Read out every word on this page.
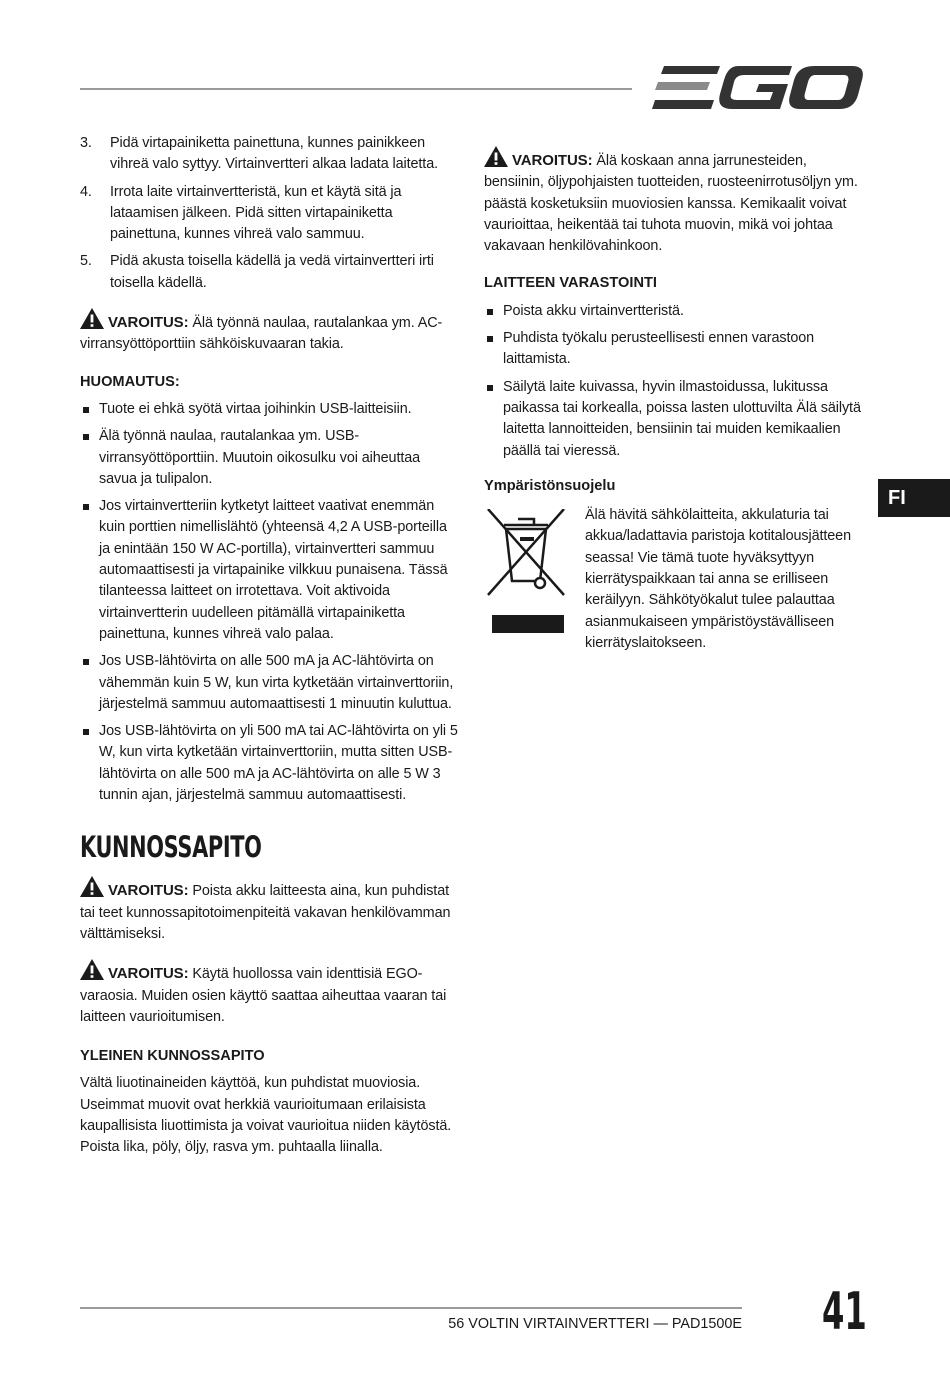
3. Pidä virtapainiketta painettuna, kunnes painikkeen vihreä valo syttyy. Virtainvertteri alkaa ladata laitetta.
4. Irrota laite virtainvertteristä, kun et käytä sitä ja lataamisen jälkeen. Pidä sitten virtapainiketta painettuna, kunnes vihreä valo sammuu.
5. Pidä akusta toisella kädellä ja vedä virtainvertteri irti toisella kädellä.

VAROITUS: Älä työnnä naulaa, rautalankaa ym. AC-virransyöttöporttiin sähköiskuvaaran takia.

HUOMAUTUS:
Tuote ei ehkä syötä virtaa joihinkin USB-laitteisiin.
Älä työnnä naulaa, rautalankaa ym. USB-virransyöttöporttiin. Muutoin oikosulku voi aiheuttaa savua ja tulipalon.
Jos virtainvertteriin kytketyt laitteet vaativat enemmän kuin porttien nimellislähtö (yhteensä 4,2 A USB-porteilla ja enintään 150 W AC-portilla), virtainvertteri sammuu automaattisesti ja virtapainike vilkkuu punaisena. Tässä tilanteessa laitteet on irrotettava. Voit aktivoida virtainvertterin uudelleen pitämällä virtapainiketta painettuna, kunnes vihreä valo palaa.
Jos USB-lähtövirta on alle 500 mA ja AC-lähtövirta on vähemmän kuin 5 W, kun virta kytketään virtainverttoriin, järjestelmä sammuu automaattisesti 1 minuutin kuluttua.
Jos USB-lähtövirta on yli 500 mA tai AC-lähtövirta on yli 5 W, kun virta kytketään virtainverttoriin, mutta sitten USB-lähtövirta on alle 500 mA ja AC-lähtövirta on alle 5 W 3 tunnin ajan, järjestelmä sammuu automaattisesti.
KUNNOSSAPITO

VAROITUS: Poista akku laitteesta aina, kun puhdistat tai teet kunnossapitotoimenpiteitä vakavan henkilövamman välttämiseksi.

VAROITUS: Käytä huollossa vain identtisiä EGO-varaosia. Muiden osien käyttö saattaa aiheuttaa vaaran tai laitteen vaurioitumisen.

YLEINEN KUNNOSSAPITO

Vältä liuotinaineiden käyttöä, kun puhdistat muoviosia. Useimmat muovit ovat herkkiä vaurioitumaan erilaisista kaupallisista liuottimista ja voivat vaurioitua niiden käytöstä. Poista lika, pöly, öljy, rasva ym. puhtaalla liinalla.

VAROITUS: Älä koskaan anna jarrunesteiden, bensiinin, öljypohjaisten tuotteiden, ruosteenirrotusöljyn ym. päästä kosketuksiin muoviosien kanssa. Kemikaalit voivat vaurioittaa, heikentää tai tuhota muovin, mikä voi johtaa vakavaan henkilövahinkoon.

LAITTEEN VARASTOINTI
Poista akku virtainvertteristä.
Puhdista työkalu perusteellisesti ennen varastoon laittamista.
Säilytä laite kuivassa, hyvin ilmastoidussa, lukitussa paikassa tai korkealla, poissa lasten ulottuvilta Älä säilytä laitetta lannoitteiden, bensiinin tai muiden kemikaalien päällä tai vieressä.
Ympäristönsuojelu

Älä hävitä sähkölaitteita, akkulaturia tai akkua/ladattavia paristoja kotitalousjätteen seassa! Vie tämä tuote hyväksyttyyn kierrätyspaikkaan tai anna se erilliseen keräilyyn. Sähkötyökalut tulee palauttaa asianmukaiseen ympäristöystävälliseen kierrätyslaitokseen.

FI
56 VOLTIN VIRTAINVERTTERI — PAD1500E 41
